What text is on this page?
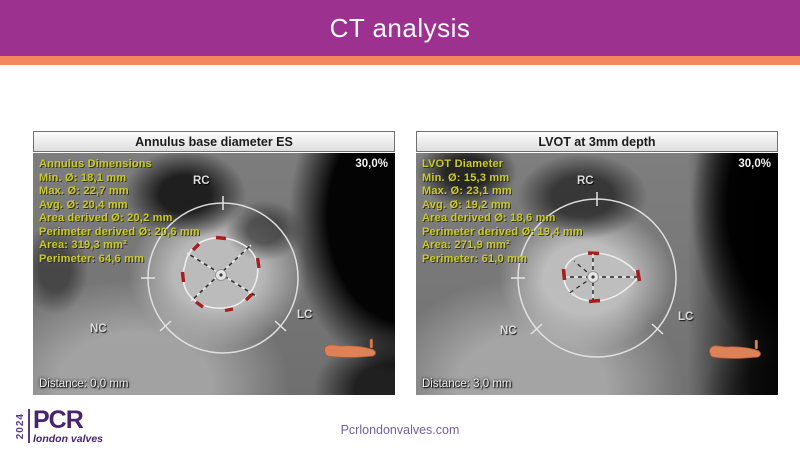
CT analysis
Annulus base diameter ES
Annulus Dimensions
Min. Ø: 18,1 mm
Max. Ø: 22,7 mm
Avg. Ø: 20,4 mm
Area derived Ø: 20,2 mm
Perimeter derived Ø: 20,6 mm
Area: 319,3 mm²
Perimeter: 64,6 mm
30,0%
RC
NC
LC
Distance: 0,0 mm
LVOT at 3mm depth
LVOT Diameter
Min. Ø: 15,3 mm
Max. Ø: 23,1 mm
Avg. Ø: 19,2 mm
Area derived Ø: 18,6 mm
Perimeter derived Ø: 19,4 mm
Area: 271,9 mm²
Perimeter: 61,0 mm
30,0%
RC
NC
LC
Distance: 3,0 mm
2024 PCR
london valves
Pcrlondonvalves.com
